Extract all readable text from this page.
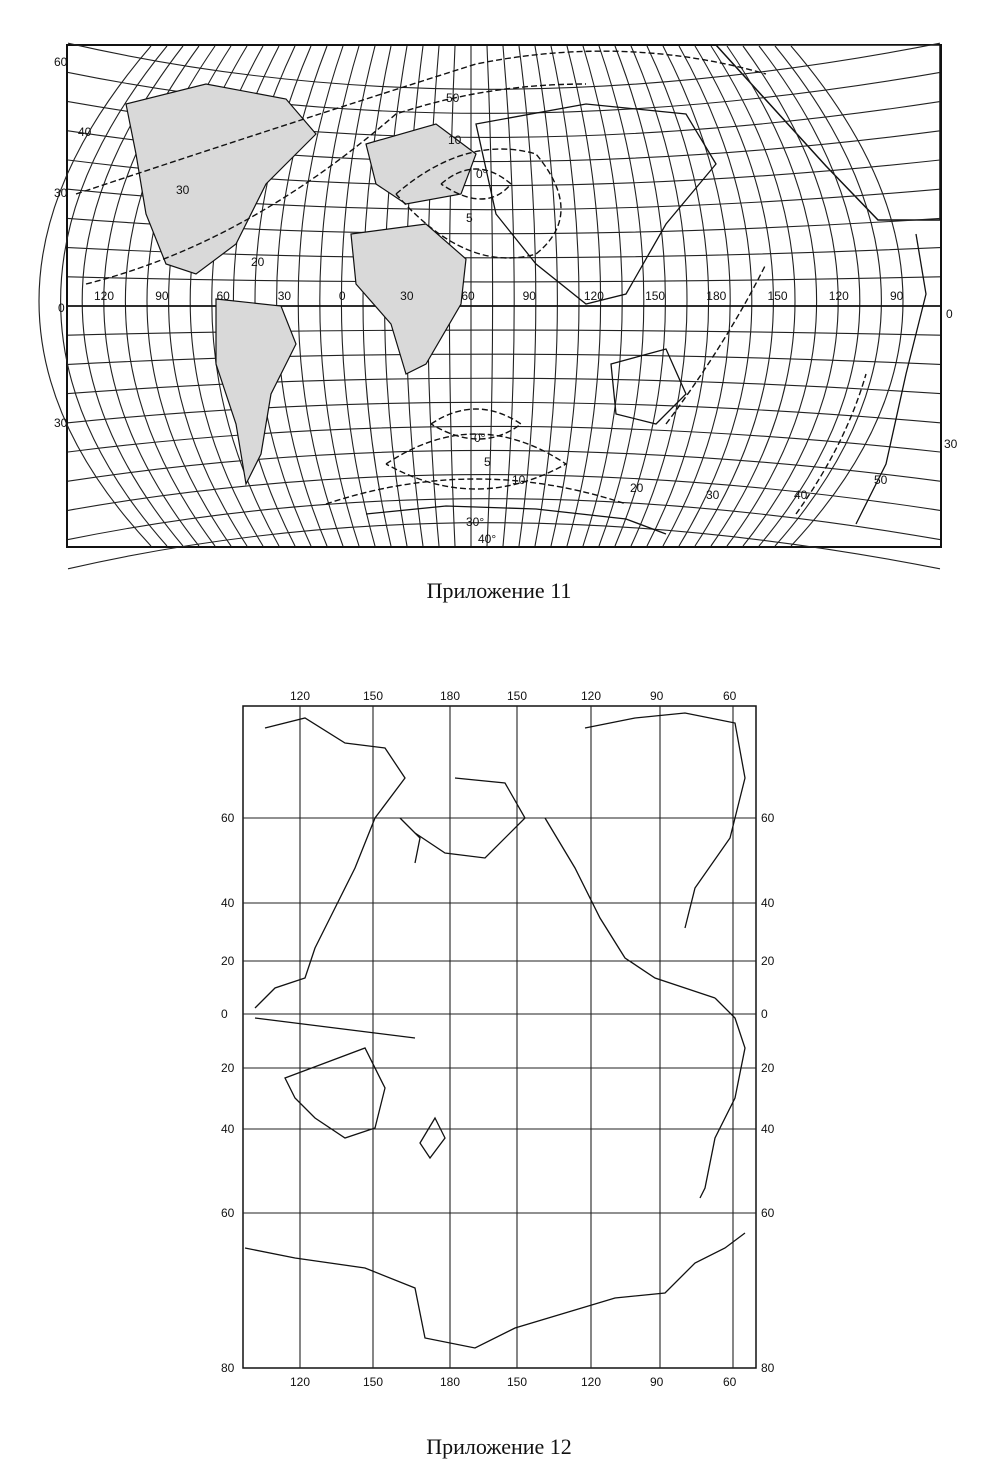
60
30
0
30
0
30
120	90	60	30	0	30	60	90	120	150	180	150	120	90
50
40
30
20
10
0°
5
0°
5
10
30°
40°
20	30	40
50
Приложение 11
120	150	180	150	120	90	60
120	150	180	150	120	90	60
60
40
20
0
20
40
60
80
60
40
20
0
20
40
60
80
Приложение 12
